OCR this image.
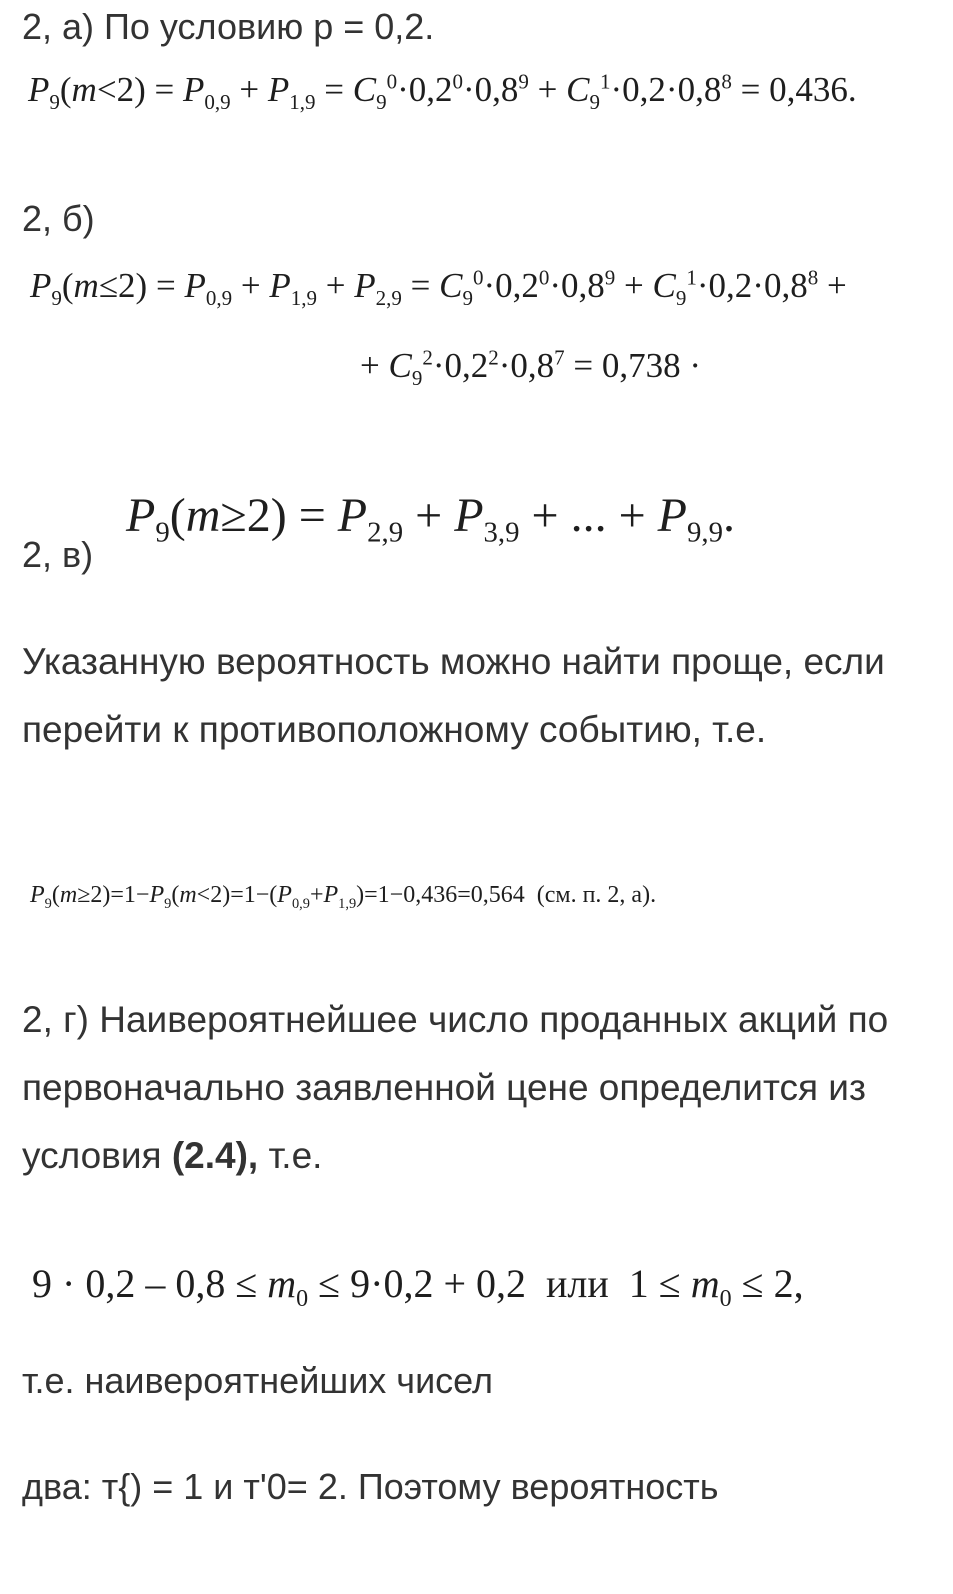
2, а) По условию p = 0,2.
$P_9(m<2) = P_{0,9} + P_{1,9} = C_9^0\cdot 0,2^0\cdot 0,8^9 + C_9^1\cdot 0,2\cdot 0,8^8 = 0,436$.
2, б)
$P_9(m\le 2) = P_{0,9} + P_{1,9} + P_{2,9} = C_9^0\cdot 0,2^0\cdot 0,8^9 + C_9^1\cdot 0,2\cdot 0,8^8$ +
+ $C_9^2\cdot 0,2^2\cdot 0,8^7 = 0,738$ ·
2, в)
$P_9(m\ge 2) = P_{2,9} + P_{3,9}$ + ... + $P_{9,9}$.
Указанную вероятность можно найти проще, если перейти к противоположному событию, т.е.
$P_9(m\ge 2)=1-P_9(m<2)=1-(P_{0,9}+P_{1,9})=1-0,436=0,564$  (см. п. 2, а).
2, г) Наивероятнейшее число проданных акций по первоначально заявленной цене определится из условия (2.4), т.е.
$9 \cdot 0,2 - 0,8 \le m_0 \le 9\cdot 0,2 + 0,2$  или  $1 \le m_0 \le 2$,
т.е. наивероятнейших чисел
два: т{) = 1 и т'0= 2. Поэтому вероятность
